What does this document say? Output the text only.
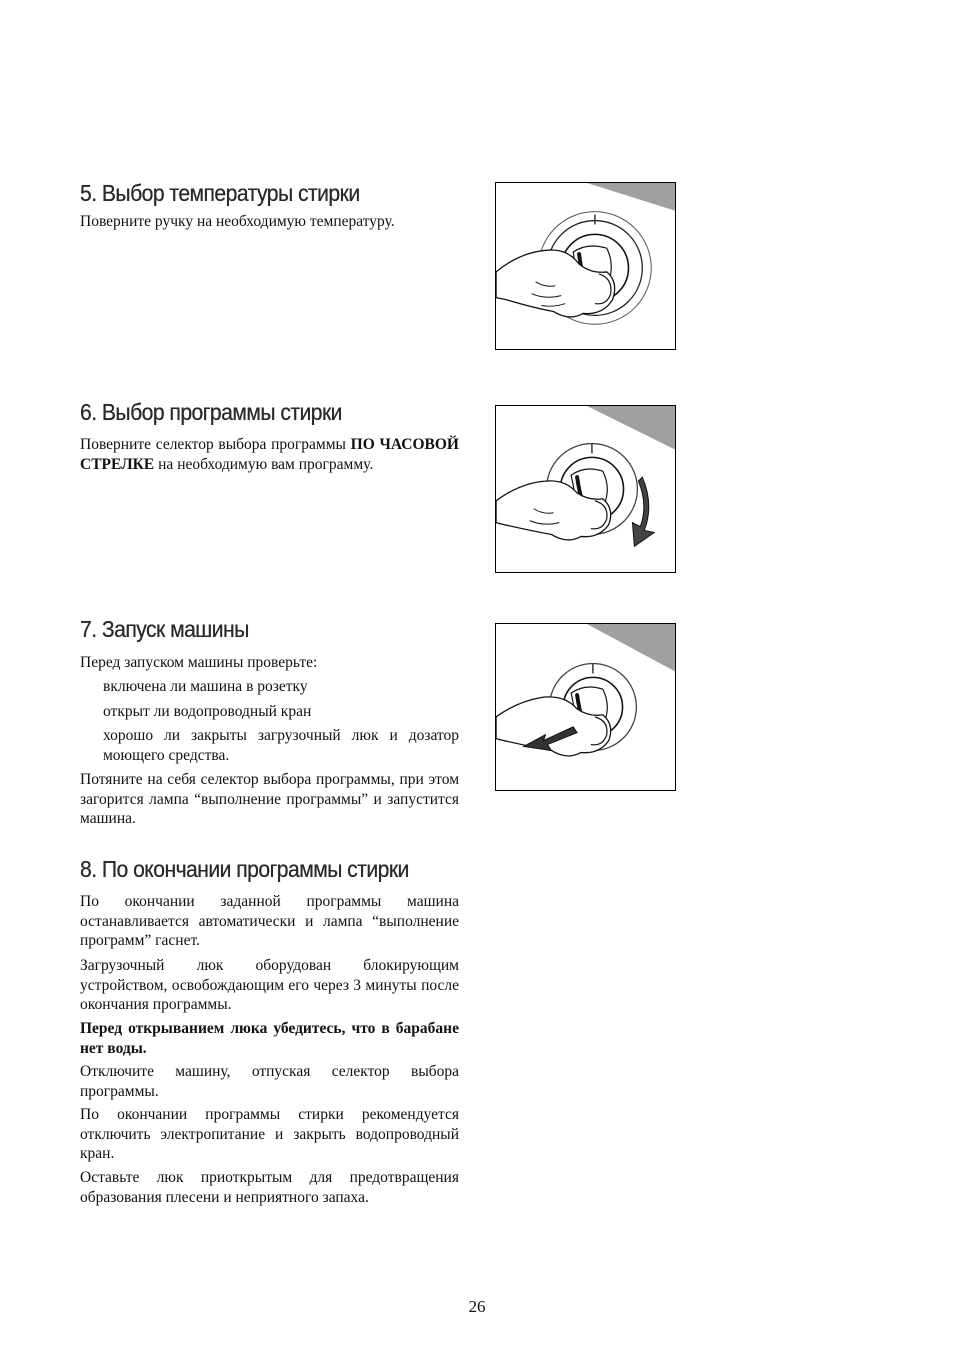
5. Выбор температуры стирки

Поверните ручку на необходимую температуру.

6. Выбор программы стирки

Поверните селектор выбора программы ПО ЧАСОВОЙ СТРЕЛКЕ на необходимую вам программу.

7. Запуск машины

Перед запуском машины проверьте:

включена ли машина в розетку

открыт ли водопроводный кран

хорошо ли закрыты загрузочный люк и дозатор моющего средства.

Потяните на себя селектор выбора программы, при этом загорится лампа “выполнение программы” и запустится машина.

8. По окончании программы стирки

По окончании заданной программы машина останавливается автоматически и лампа “выполнение программ” гаснет.

Загрузочный люк оборудован блокирующим устройством, освобождающим его через 3 минуты после окончания программы.

Перед открыванием люка убедитесь, что в барабане нет воды.

Отключите машину, отпуская селектор выбора программы.

По окончании программы стирки рекомендуется отключить электропитание и закрыть водопроводный кран.

Оставьте люк приоткрытым для предотвращения образования плесени и неприятного запаха.

26
